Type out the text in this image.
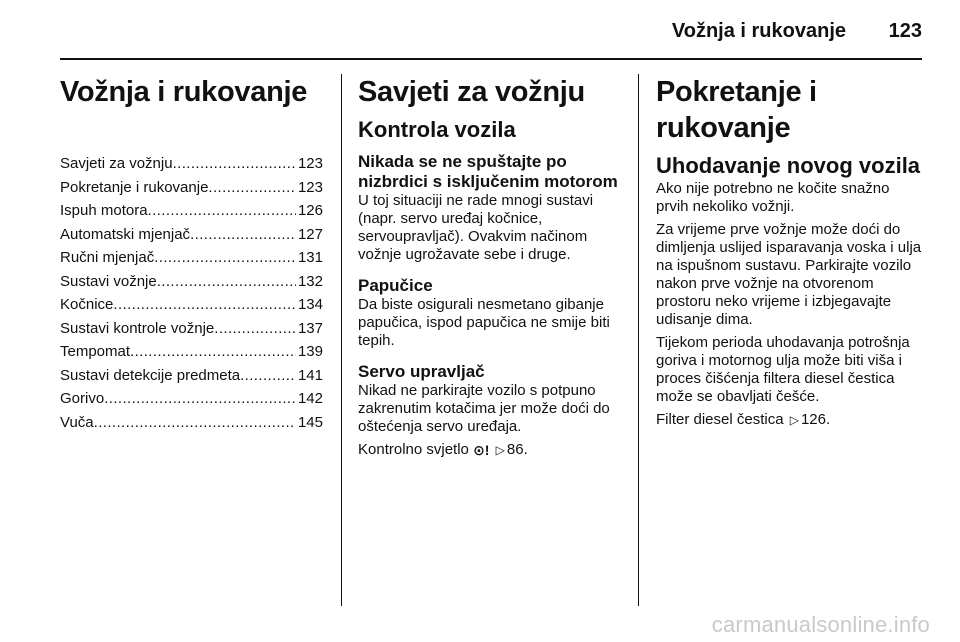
Vožnja i rukovanje 123
Vožnja i rukovanje
Savjeti za vožnju .....	123
Pokretanje i rukovanje .....	123
Ispuh motora .....	126
Automatski mjenjač .....	127
Ručni mjenjač .....	131
Sustavi vožnje .....	132
Kočnice .....	134
Sustavi kontrole vožnje .....	137
Tempomat .....	139
Sustavi detekcije predmeta .....	141
Gorivo .....	142
Vuča .....	145
Savjeti za vožnju
Kontrola vozila
Nikada se ne spuštajte po nizbrdici s isključenim motorom

U toj situaciji ne rade mnogi sustavi (napr. servo uređaj kočnice, servoupravljač). Ovakvim načinom vožnje ugrožavate sebe i druge.

Papučice

Da biste osigurali nesmetano gibanje papučica, ispod papučica ne smije biti tepih.

Servo upravljač

Nikad ne parkirajte vozilo s potpuno zakrenutim kotačima jer može doći do oštećenja servo uređaja.

Kontrolno svjetlo ⊙! ▷ 86.

Pokretanje i rukovanje
Uhodavanje novog vozila

Ako nije potrebno ne kočite snažno prvih nekoliko vožnji.

Za vrijeme prve vožnje može doći do dimljenja uslijed isparavanja voska i ulja na ispušnom sustavu. Parkirajte vozilo nakon prve vožnje na otvorenom prostoru neko vrijeme i izbjegavajte udisanje dima.

Tijekom perioda uhodavanja potrošnja goriva i motornog ulja može biti viša i proces čišćenja filtera diesel čestica može se obavljati češće.

Filter diesel čestica ▷ 126.

carmanualsonline.info
